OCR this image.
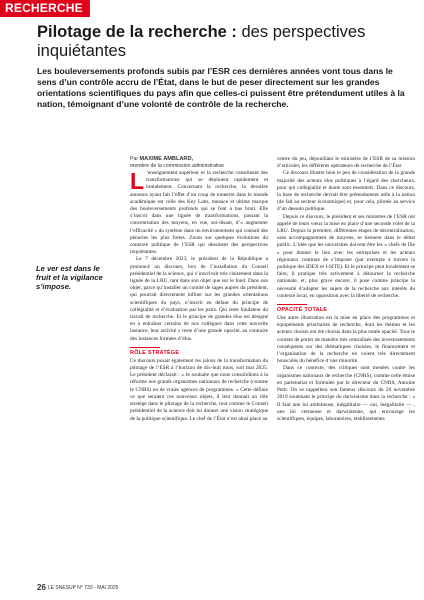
RECHERCHE
Pilotage de la recherche : des perspectives inquiétantes

Les bouleversements profonds subis par l’ESR ces dernières années vont tous dans le sens d’un contrôle accru de l’État, dans le but de peser directement sur les grandes orientations scientifiques du pays afin que celles-ci puissent être prétendument utiles à la nation, témoignant d’une volonté de contrôle de la recherche.

Par MAXIME AMBLARD,
membre de la commission administrative
Le ver est dans le fruit et la vigilance s’impose.

L ’enseignement supérieur et la recherche constituent des transformations qui se déploient rapidement et brutalement. Concernant la recherche, la dernière annonce ayant fait l’effet d’un coup de tonnerre dans le monde académique est celle des Key Labs, menace et ultime marque des bouleversements profonds qui se font à bas bruit. Elle s’inscrit dans une lignée de transformations, passant la concentration des moyens, en vue, soi-disant, d’« augmenter l’efficacité » du système dans un environnement qui connaît des pénuries les plus fortes. Zoom sur quelques évolutions du contexte politique de l’ESR qui dessinent des perspectives inquiétantes.

Le 7 décembre 2023, le président de la République a prononcé un discours, lors de l’installation du Conseil présidentiel de la science, qui s’inscrivait très clairement dans la lignée de la LRU, tant dans son objet que sur le fond. Dans son objet, parce qu’installer un comité de sages auprès du président, qui pourrait directement influer sur les grandes orientations scientifiques du pays, n’inscrit en défaut du principe de collégialité et d’évaluation par les pairs. Qui reste fondateur du travail de recherche. Et le principe de grandes élus est désigné en à entraîner certains de nos collègues dans cette nouvelle instance, leur activité y reste d’une grande opacité, au contraire des instances formées d’élus.

RÔLE STRATÈGE

Ce discours posait également les jalons de la transformation du pilotage de l’ESR à l’horizon de dix-huit mois, soit mai 2025. Le président déclarait : « Je souhaite que nous consolidions à la réforme nos grands organismes nationaux de recherche (comme le CNRS) en de vraies agences de programmes. » Cette définie ce que seraient ces nouveaux objets, il leur donnait un rôle stratège dans le pilotage de la recherche, tout comme le Conseil présidentiel de la science doit lui donner une vision stratégique de la politique scientifique. Le chef de l’État n’est ainsi placé au

centre du jeu, dépouillant le ministère de l’ESR de sa mission d’articuler, les différents opérateurs de recherche de l’État.

Ce discours illustre bien le peu de considération de la grande majorité des acteurs élus politiques à l’égard des chercheurs, pour qui collégialité et doute sont essentiels. Dans ce discours, la base de recherche devrait être prétendument utile à la nation (de fait au secteur économique) et, pour cela, pilotée au service d’un dessein politique.

Depuis ce discours, le président et ses ministres de l’ESR ont appelé de leurs vœux la mise en place d’une seconde volet de la LRU. Depuis la première, différentes étapes de décentralisation, sans accompagnement de moyens, se tiennent dans le débat public. L’idée que les universités doivent être les « chefs de file » pour donner le lien avec les entreprises et les acteurs régionaux continue de s’imposer (par exemple à travers la politique des IDEX et I-SITE). Et le principe peut localement se faire, il pratique très activement à détourner la recherche nationale, et, plus grave encore, il pose comme principe la nécessité d’adapter les sujets de la recherche aux intérêts du contexte local, en opposition avec la liberté de recherche.

OPACITÉ TOTALE

Une autre illustration est la mise en place des programmes et équipements prioritaires de recherche, dont les thèmes et les acteurs choisis ont été choisis dans la plus totale opacité. Tous le courent de porter de manière très centralisée des investissements conséquents sur des thématiques choisies, le financement et l’organisation de la recherche ne voient très directement bousculés du bénéfice d’une minorité.

Dans ce contexte, des critiques sont menées contre les organismes nationaux de recherche (CNRS), comme celle émise en partenariat et formulée par le directeur du CNRS, Antoine Petit. On se rappellera son fameux discours du 26 novembre 2019 soutenant le principe du darwinisme dans la recherche : « Il faut une loi ambitieuse, inégalitaire — oui, inégalitaire — , une loi vertueuse et darwinienne, qui encourage les scientifiques, équipes, laboratoires, établissements

26 LE SNESUP N° 733 - MAI 2025
